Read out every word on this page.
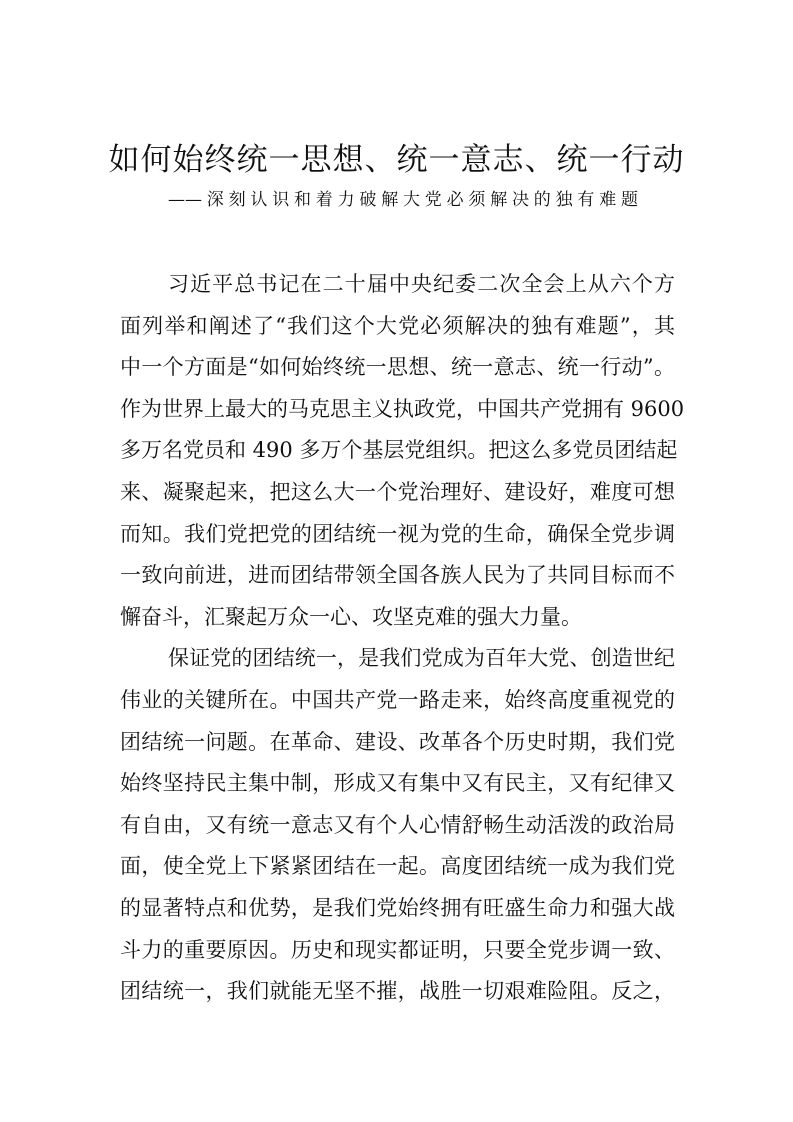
如何始终统一思想、统一意志、统一行动
——深刻认识和着力破解大党必须解决的独有难题
习近平总书记在二十届中央纪委二次全会上从六个方
面列举和阐述了“我们这个大党必须解决的独有难题”，其
中一个方面是“如何始终统一思想、统一意志、统一行动”。
作为世界上最大的马克思主义执政党，中国共产党拥有 9600
多万名党员和 490 多万个基层党组织。把这么多党员团结起
来、凝聚起来，把这么大一个党治理好、建设好，难度可想
而知。我们党把党的团结统一视为党的生命，确保全党步调
一致向前进，进而团结带领全国各族人民为了共同目标而不
懈奋斗，汇聚起万众一心、攻坚克难的强大力量。
保证党的团结统一，是我们党成为百年大党、创造世纪
伟业的关键所在。中国共产党一路走来，始终高度重视党的
团结统一问题。在革命、建设、改革各个历史时期，我们党
始终坚持民主集中制，形成又有集中又有民主，又有纪律又
有自由，又有统一意志又有个人心情舒畅生动活泼的政治局
面，使全党上下紧紧团结在一起。高度团结统一成为我们党
的显著特点和优势，是我们党始终拥有旺盛生命力和强大战
斗力的重要原因。历史和现实都证明，只要全党步调一致、
团结统一，我们就能无坚不摧，战胜一切艰难险阻。反之，
